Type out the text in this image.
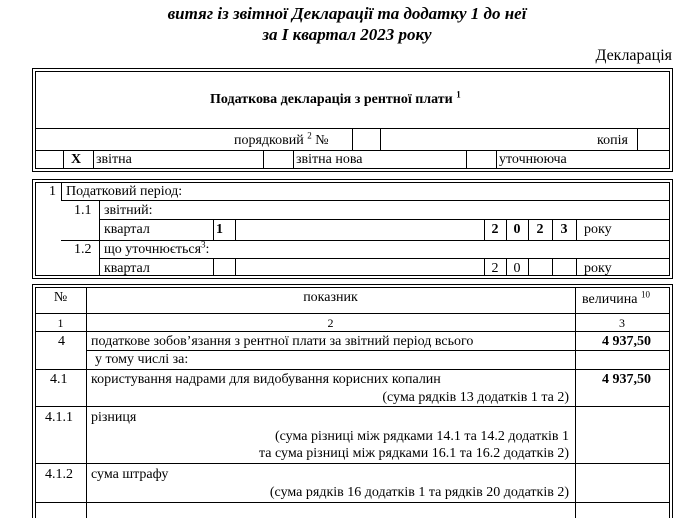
витяг із звітної Декларації та додатку 1 до неї
за І квартал 2023 року
Декларація
Податкова декларація з рентної плати $^1$
порядковий $^2$ №	копія
Х звітна	звітна нова	уточнююча
1 Податковий період:
1.1 звітний:
квартал	1	2	0	2	3	року
1.2 що уточнюється$^3$:
квартал	2	0	року
№	показник	величина $^{10}$
1	2	3
4 податкове зобов’язання з рентної плати за звітний період всього	4 937,50
у тому числі за:
4.1 користування надрами для видобування корисних копалин	4 937,50
(сума рядків 13 додатків 1 та 2)
4.1.1 різниця
(сума різниці між рядками 14.1 та 14.2 додатків 1
та сума різниці між рядками 16.1 та 16.2 додатків 2)
4.1.2 сума штрафу
(сума рядків 16 додатків 1 та рядків 20 додатків 2)
